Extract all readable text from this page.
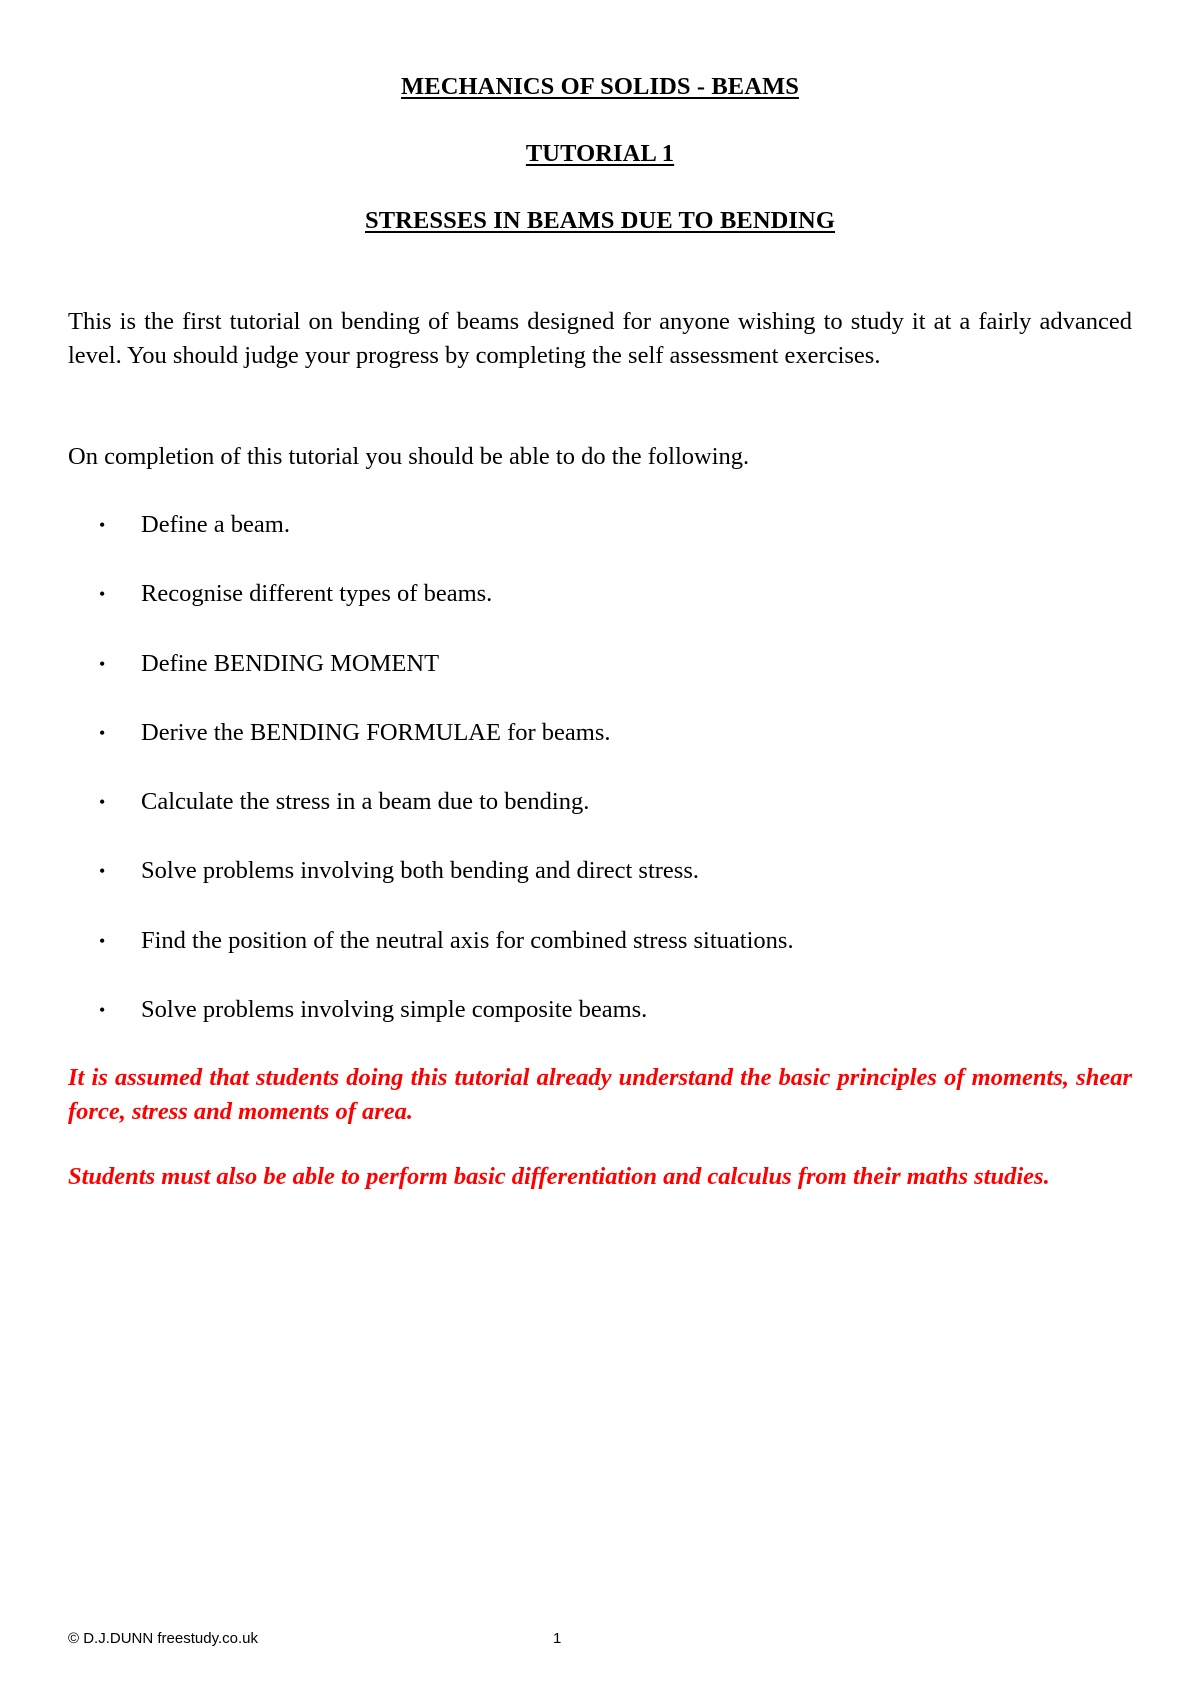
MECHANICS OF SOLIDS - BEAMS
TUTORIAL 1
STRESSES IN BEAMS DUE TO BENDING

This is the first tutorial on bending of beams designed for anyone wishing to study it at a fairly advanced level. You should judge your progress by completing the self assessment exercises.

On completion of this tutorial you should be able to do the following.

•	Define a beam.
•	Recognise different types of beams.
•	Define BENDING MOMENT
•	Derive the BENDING FORMULAE for beams.
•	Calculate the stress in a beam due to bending.
•	Solve problems involving both bending and direct stress.
•	Find the position of the neutral axis for combined stress situations.
•	Solve problems involving simple composite beams.

It is assumed that students doing this tutorial already understand the basic principles of moments, shear force, stress and moments of area.

Students must also be able to perform basic differentiation and calculus from their maths studies.

© D.J.DUNN freestudy.co.uk	1
